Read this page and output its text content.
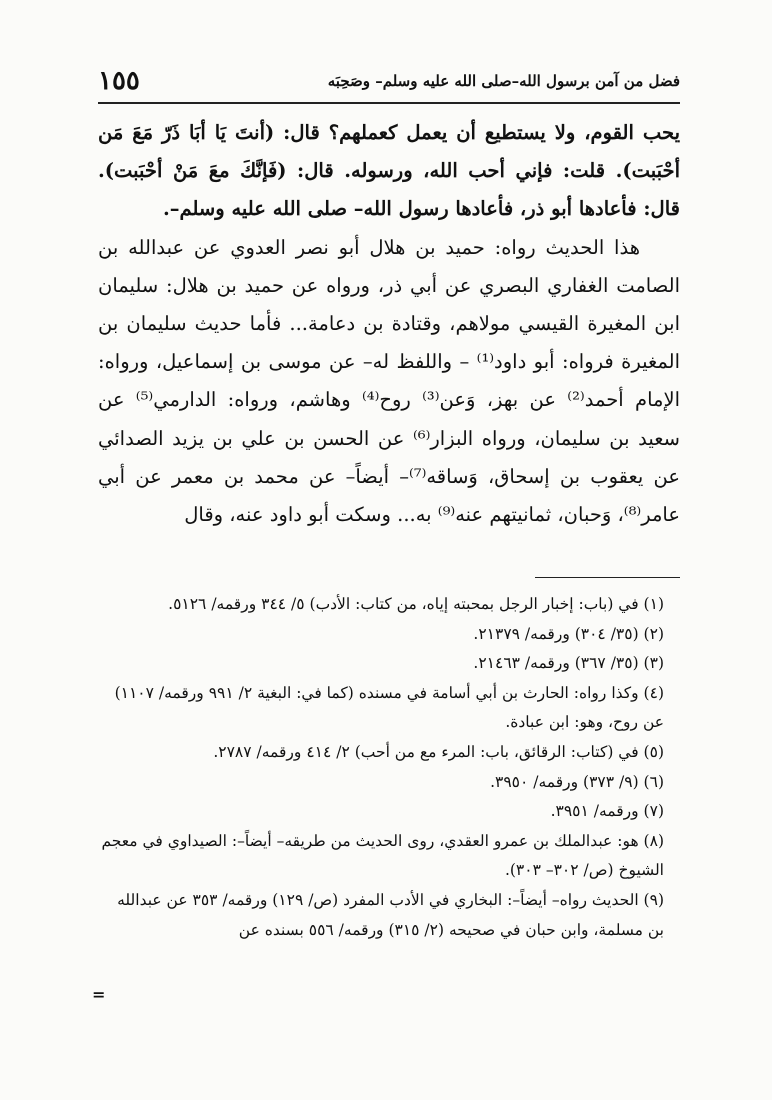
فضل من آمن برسول الله–صلى الله عليه وسلم– وصَحِبَه
١٥٥

يحب القوم، ولا يستطيع أن يعمل كعملهم؟ قال: (أنتَ يَا أبَا ذَرّ مَعَ مَن أحْبَبت). قلت: فإني أحب الله، ورسوله. قال: (فَإنَّكَ معَ مَنْ أحْبَبت). قال: فأعادها أبو ذر، فأعادها رسول الله– صلى الله عليه وسلم–.

هذا الحديث رواه: حميد بن هلال أبو نصر العدوي عن عبدالله بن الصامت الغفاري البصري عن أبي ذر، ورواه عن حميد بن هلال: سليمان ابن المغيرة القيسي مولاهم، وقتادة بن دعامة... فأما حديث سليمان بن المغيرة فرواه: أبو داود⁽¹⁾ – واللفظ له– عن موسى بن إسماعيل، ورواه: الإمام أحمد⁽²⁾ عن بهز، وَعن⁽³⁾ روح⁽⁴⁾ وهاشم، ورواه: الدارمي⁽⁵⁾ عن سعيد بن سليمان، ورواه البزار⁽⁶⁾ عن الحسن بن علي بن يزيد الصدائي عن يعقوب بن إسحاق، وَساقه⁽⁷⁾– أيضاً– عن محمد بن معمر عن أبي عامر⁽⁸⁾، وَحبان، ثمانيتهم عنه⁽⁹⁾ به... وسكت أبو داود عنه، وقال

(١) في (باب: إخبار الرجل بمحبته إياه، من كتاب: الأدب) ٥/ ٣٤٤ ورقمه/ ٥١٢٦.

(٢) (٣٥/ ٣٠٤) ورقمه/ ٢١٣٧٩.

(٣) (٣٥/ ٣٦٧) ورقمه/ ٢١٤٦٣.

(٤) وكذا رواه: الحارث بن أبي أسامة في مسنده (كما في: البغية ٢/ ٩٩١ ورقمه/ ١١٠٧) عن روح، وهو: ابن عبادة.

(٥) في (كتاب: الرقائق، باب: المرء مع من أحب) ٢/ ٤١٤ ورقمه/ ٢٧٨٧.

(٦) (٩/ ٣٧٣) ورقمه/ ٣٩٥٠.

(٧) ورقمه/ ٣٩٥١.

(٨) هو: عبدالملك بن عمرو العقدي، روى الحديث من طريقه– أيضاً–: الصيداوي في معجم الشيوخ (ص/ ٣٠٢– ٣٠٣).

(٩) الحديث رواه– أيضاً–: البخاري في الأدب المفرد (ص/ ١٢٩) ورقمه/ ٣٥٣ عن عبدالله بن مسلمة، وابن حبان في صحيحه (٢/ ٣١٥) ورقمه/ ٥٥٦ بسنده عن

=
